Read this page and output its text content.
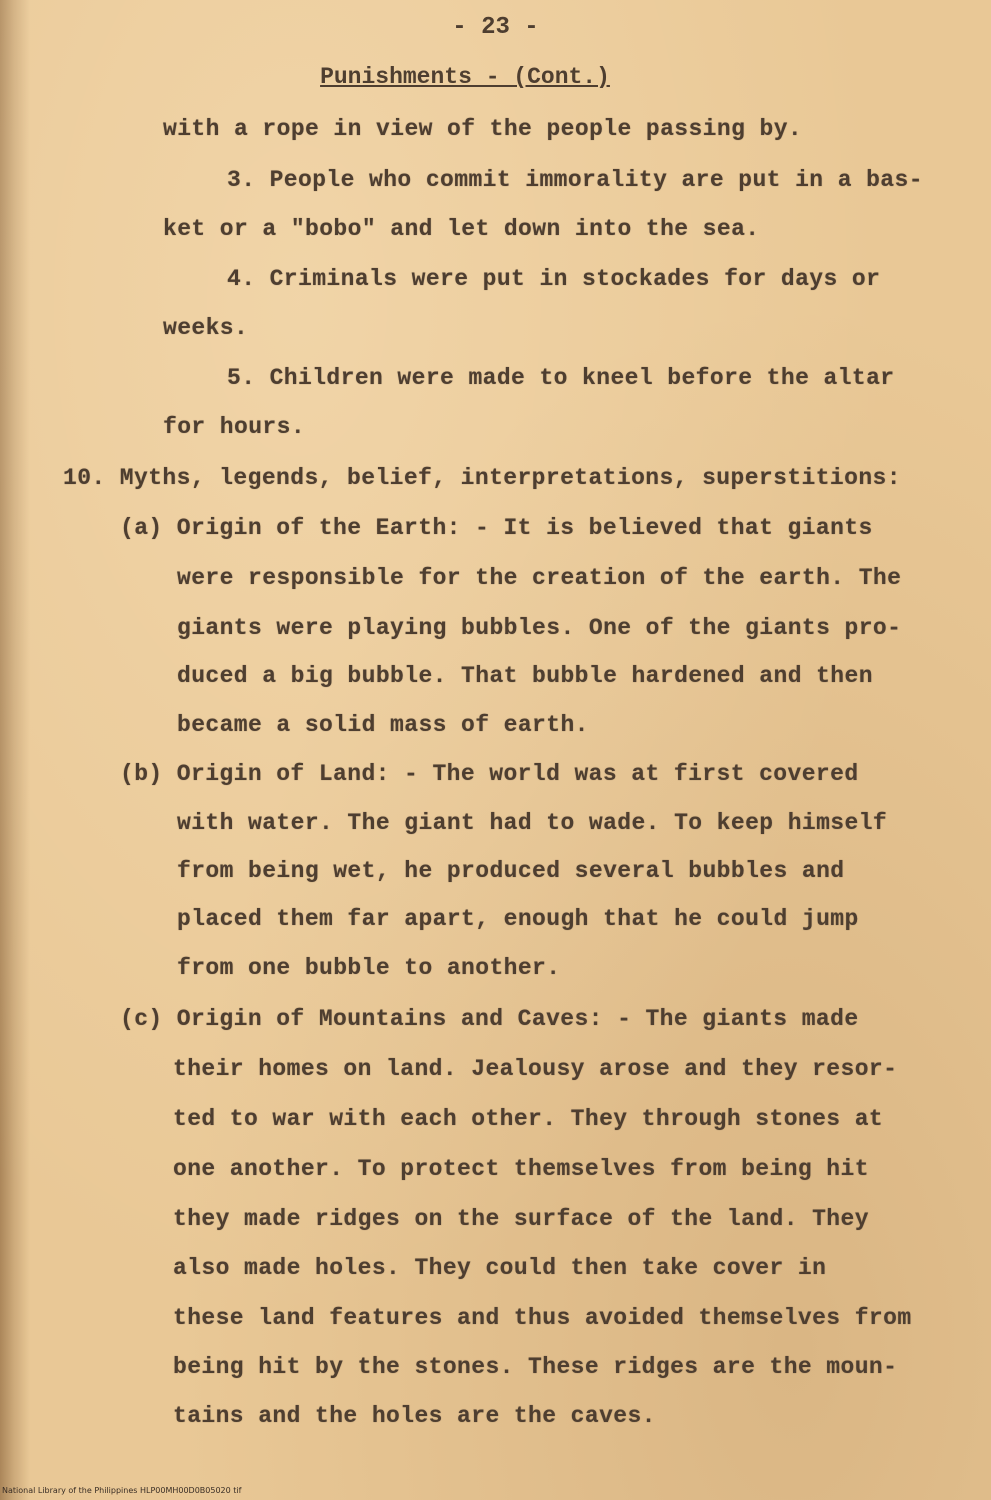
- 23 -
Punishments - (Cont.)
with a rope in view of the people passing by.
3. People who commit immorality are put in a bas-
ket or a "bobo" and let down into the sea.
4. Criminals were put in stockades for days or
weeks.
5. Children were made to kneel before the altar
for hours.
10. Myths, legends, belief, interpretations, superstitions:
(a) Origin of the Earth: - It is believed that giants
were responsible for the creation of the earth. The
giants were playing bubbles. One of the giants pro-
duced a big bubble. That bubble hardened and then
became a solid mass of earth.
(b) Origin of Land: - The world was at first covered
with water. The giant had to wade. To keep himself
from being wet, he produced several bubbles and
placed them far apart, enough that he could jump
from one bubble to another.
(c) Origin of Mountains and Caves: - The giants made
their homes on land. Jealousy arose and they resor-
ted to war with each other. They through stones at
one another. To protect themselves from being hit
they made ridges on the surface of the land. They
also made holes. They could then take cover in
these land features and thus avoided themselves from
being hit by the stones. These ridges are the moun-
tains and the holes are the caves.
National Library of the Philippines HLP00MH00D0B05020 tif
